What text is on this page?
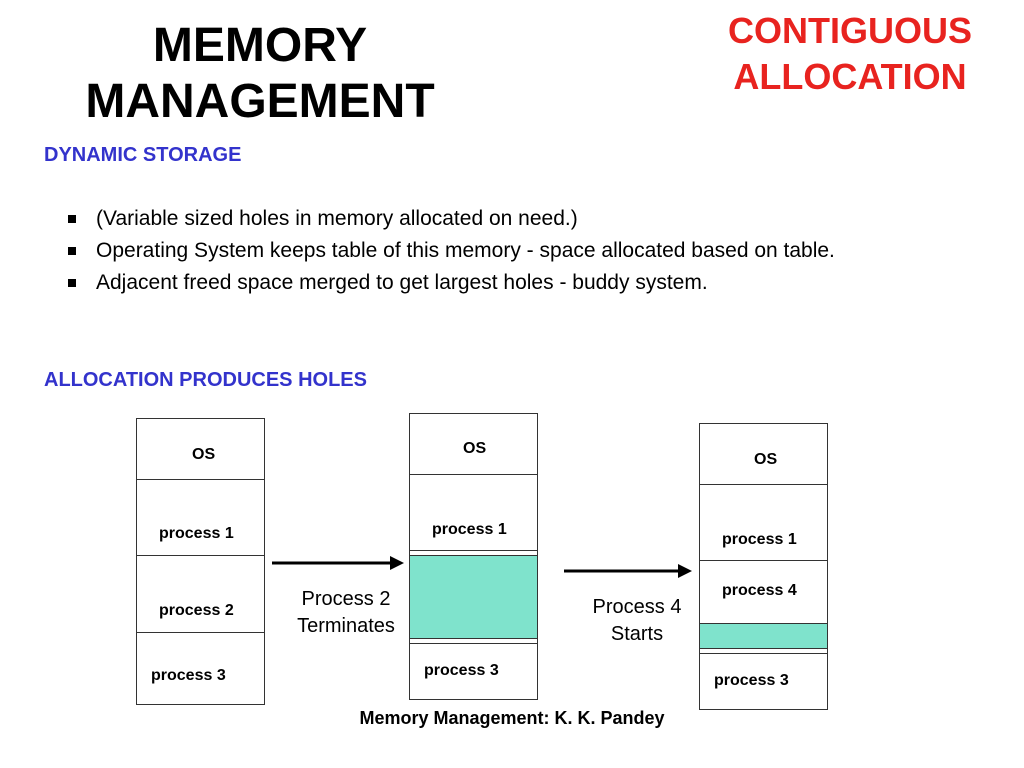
MEMORY
MANAGEMENT
CONTIGUOUS
ALLOCATION
DYNAMIC STORAGE
(Variable sized holes in memory allocated on need.)
Operating System keeps table of this memory - space allocated based on table.
Adjacent freed space merged to get largest holes - buddy system.
ALLOCATION PRODUCES HOLES
OS
process 1
process 2
process 3
Process 2
Terminates
OS
process 1
process 3
Process 4
Starts
OS
process 1
process 4
process 3
Memory Management: K. K. Pandey
